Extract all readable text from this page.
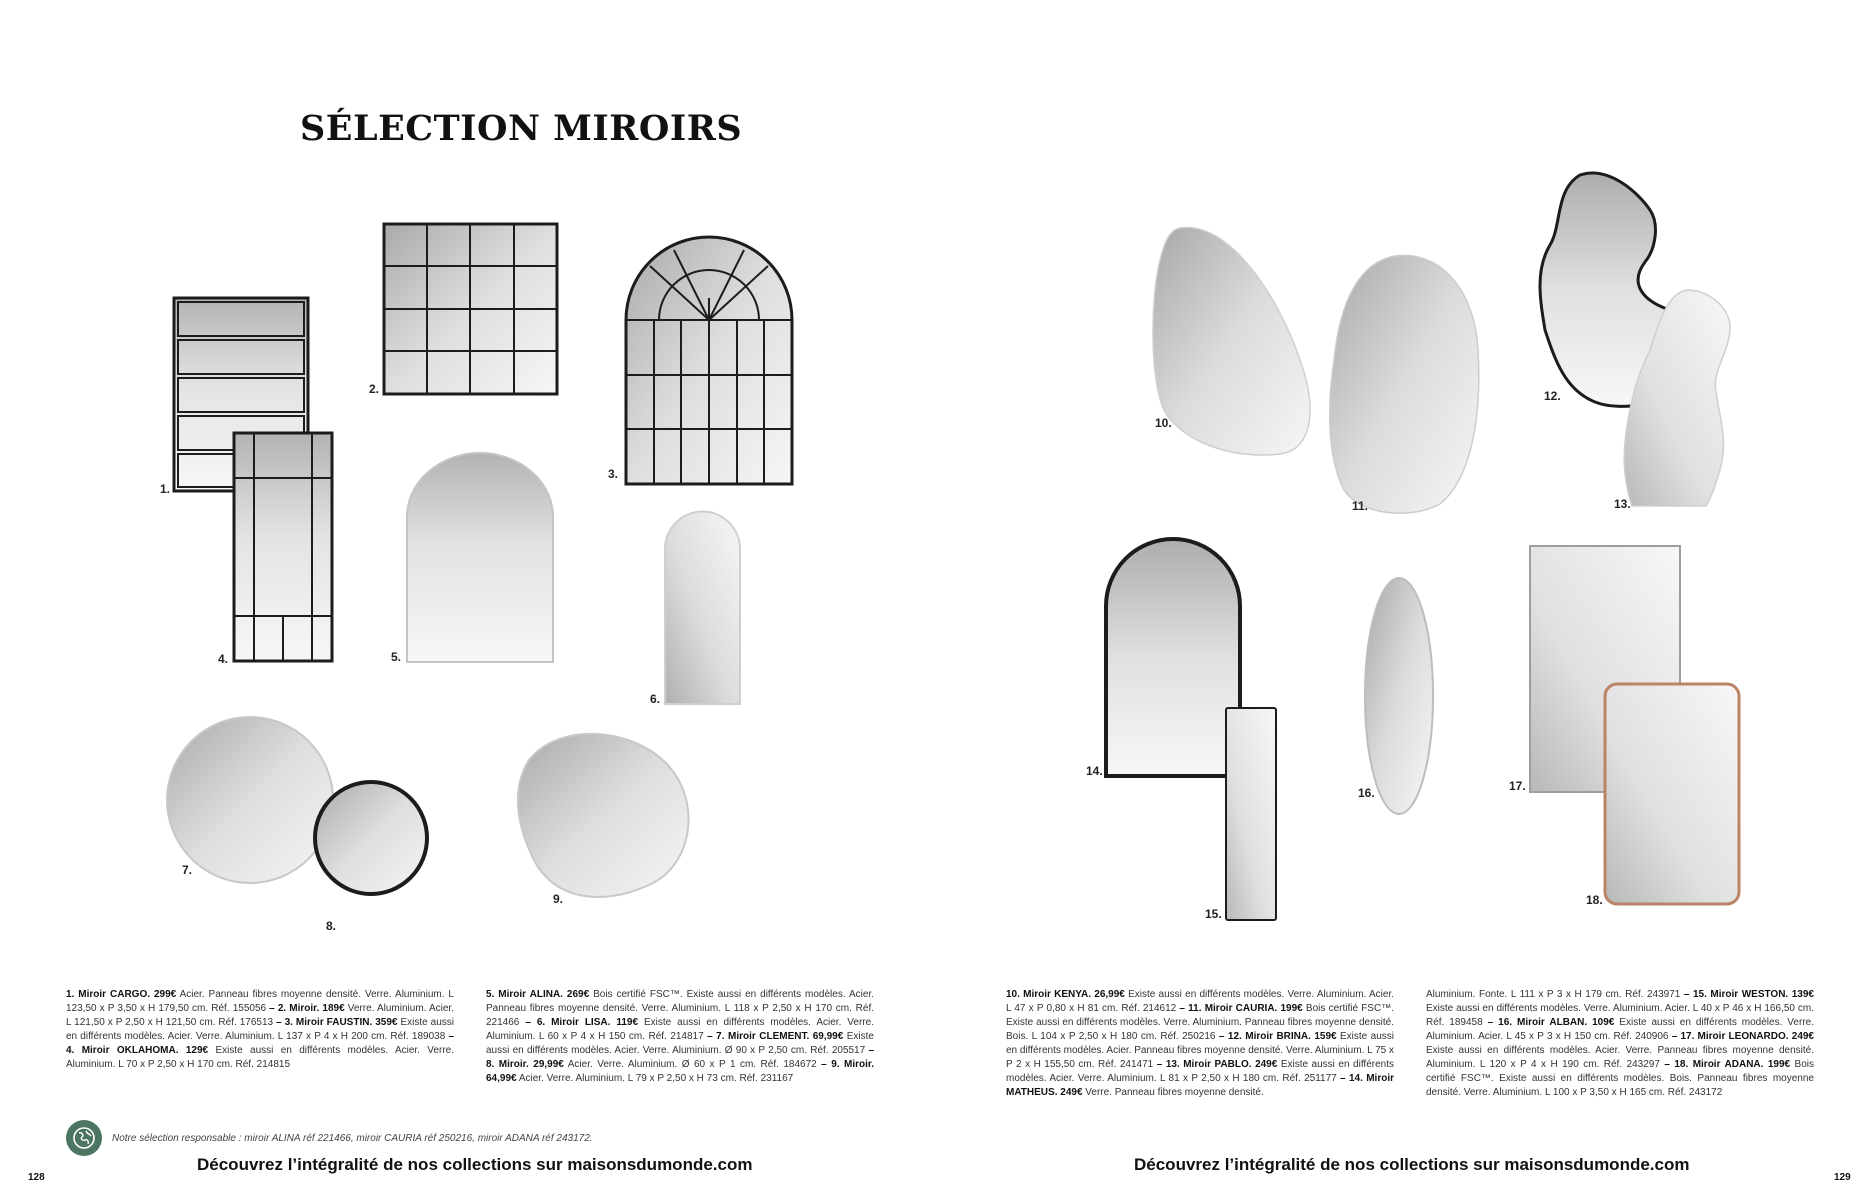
SÉLECTION MIROIRS
1.
2.
3.
4.	5.
6.
7.
8.
9.

1. Miroir CARGO. 299€ Acier. Panneau fibres moyenne densité. Verre. Aluminium. L 123,50 x P 3,50 x H 179,50 cm. Réf. 155056 – 2. Miroir. 189€ Verre. Aluminium. Acier. L 121,50 x P 2,50 x H 121,50 cm. Réf. 176513 – 3. Miroir FAUSTIN. 359€ Existe aussi en différents modèles. Acier. Verre. Aluminium. L 137 x P 4 x H 200 cm. Réf. 189038 – 4. Miroir OKLAHOMA. 129€ Existe aussi en différents modèles. Acier. Verre. Aluminium. L 70 x P 2,50 x H 170 cm. Réf. 214815

5. Miroir ALINA. 269€ Bois certifié FSC™. Existe aussi en différents modèles. Acier. Panneau fibres moyenne densité. Verre. Aluminium. L 118 x P 2,50 x H 170 cm. Réf. 221466 – 6. Miroir LISA. 119€ Existe aussi en différents modèles. Acier. Verre. Aluminium. L 60 x P 4 x H 150 cm. Réf. 214817 – 7. Miroir CLEMENT. 69,99€ Existe aussi en différents modèles. Acier. Verre. Aluminium. Ø 90 x P 2,50 cm. Réf. 205517 – 8. Miroir. 29,99€ Acier. Verre. Aluminium. Ø 60 x P 1 cm. Réf. 184672 – 9. Miroir. 64,99€ Acier. Verre. Aluminium. L 79 x P 2,50 x H 73 cm. Réf. 231167

Notre sélection responsable : miroir ALINA réf 221466, miroir CAURIA réf 250216, miroir ADANA réf 243172.

Découvrez l’intégralité de nos collections sur maisonsdumonde.com

128
10.
11.
12.
13.
14.
15.
16.	17.
18.

10. Miroir KENYA. 26,99€ Existe aussi en différents modèles. Verre. Aluminium. Acier. L 47 x P 0,80 x H 81 cm. Réf. 214612 – 11. Miroir CAURIA. 199€ Bois certifié FSC™. Existe aussi en différents modèles. Verre. Aluminium. Panneau fibres moyenne densité. Bois. L 104 x P 2,50 x H 180 cm. Réf. 250216 – 12. Miroir BRINA. 159€ Existe aussi en différents modèles. Acier. Panneau fibres moyenne densité. Verre. Aluminium. L 75 x P 2 x H 155,50 cm. Réf. 241471 – 13. Miroir PABLO. 249€ Existe aussi en différents modèles. Acier. Verre. Aluminium. L 81 x P 2,50 x H 180 cm. Réf. 251177 – 14. Miroir MATHEUS. 249€ Verre. Panneau fibres moyenne densité.

Aluminium. Fonte. L 111 x P 3 x H 179 cm. Réf. 243971 – 15. Miroir WESTON. 139€ Existe aussi en différents modèles. Verre. Aluminium. Acier. L 40 x P 46 x H 166,50 cm. Réf. 189458 – 16. Miroir ALBAN. 109€ Existe aussi en différents modèles. Verre. Aluminium. Acier. L 45 x P 3 x H 150 cm. Réf. 240906 – 17. Miroir LEONARDO. 249€ Existe aussi en différents modèles. Acier. Verre. Panneau fibres moyenne densité. Aluminium. L 120 x P 4 x H 190 cm. Réf. 243297 – 18. Miroir ADANA. 199€ Bois certifié FSC™. Existe aussi en différents modèles. Bois. Panneau fibres moyenne densité. Verre. Aluminium. L 100 x P 3,50 x H 165 cm. Réf. 243172

Découvrez l’intégralité de nos collections sur maisonsdumonde.com

129
